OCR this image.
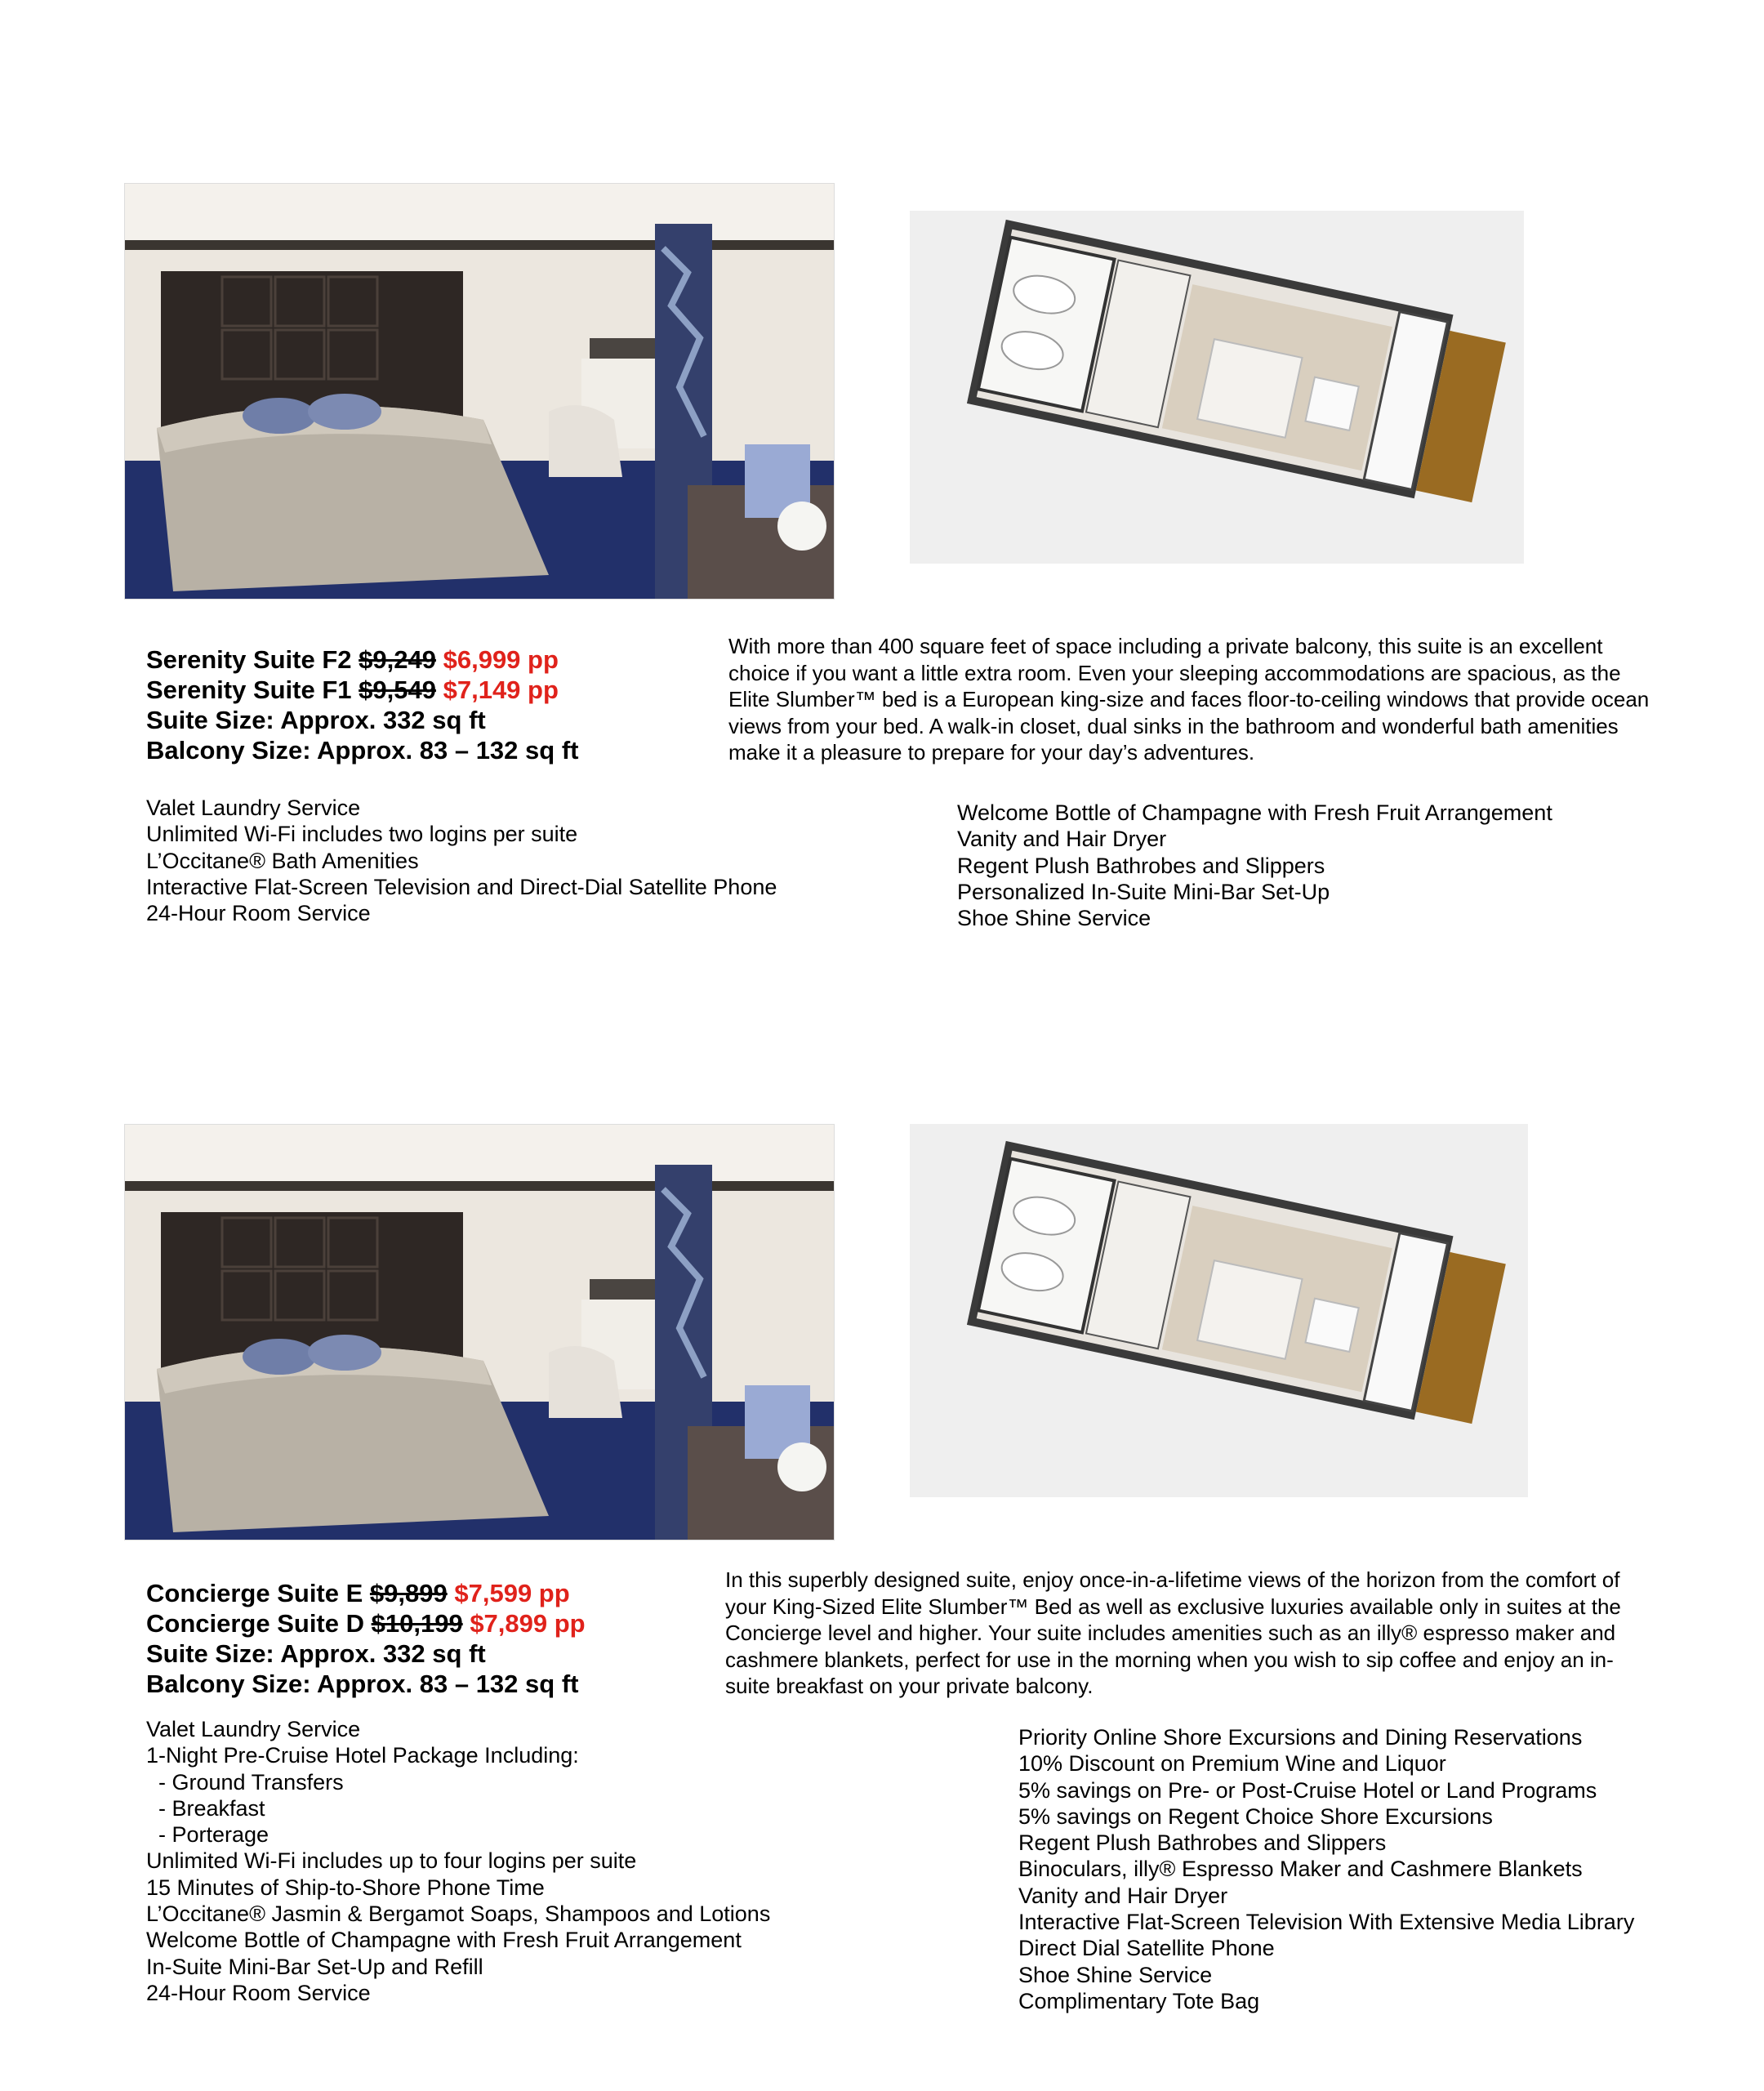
Serenity Suite F2 $9,249 $6,999 pp
Serenity Suite F1 $9,549 $7,149 pp
Suite Size: Approx. 332 sq ft
Balcony Size: Approx. 83 – 132 sq ft
With more than 400 square feet of space including a private balcony, this suite is an excellent choice if you want a little extra room. Even your sleeping accommodations are spacious, as the Elite Slumber™ bed is a European king-size and faces floor-to-ceiling windows that provide ocean views from your bed. A walk-in closet, dual sinks in the bathroom and wonderful bath amenities make it a pleasure to prepare for your day’s adventures.
Valet Laundry Service
Unlimited Wi-Fi includes two logins per suite
L’Occitane® Bath Amenities
Interactive Flat-Screen Television and Direct-Dial Satellite Phone
24-Hour Room Service
Welcome Bottle of Champagne with Fresh Fruit Arrangement
Vanity and Hair Dryer
Regent Plush Bathrobes and Slippers
Personalized In-Suite Mini-Bar Set-Up
Shoe Shine Service
Concierge Suite E $9,899 $7,599 pp
Concierge Suite D $10,199 $7,899 pp
Suite Size: Approx. 332 sq ft
Balcony Size: Approx. 83 – 132 sq ft
In this superbly designed suite, enjoy once-in-a-lifetime views of the horizon from the comfort of your King-Sized Elite Slumber™ Bed as well as exclusive luxuries available only in suites at the Concierge level and higher. Your suite includes amenities such as an illy® espresso maker and cashmere blankets, perfect for use in the morning when you wish to sip coffee and enjoy an in-suite breakfast on your private balcony.
Valet Laundry Service
1-Night Pre-Cruise Hotel Package Including:
- Ground Transfers
- Breakfast
- Porterage
Unlimited Wi-Fi includes up to four logins per suite
15 Minutes of Ship-to-Shore Phone Time
L’Occitane® Jasmin & Bergamot Soaps, Shampoos and Lotions
Welcome Bottle of Champagne with Fresh Fruit Arrangement
In-Suite Mini-Bar Set-Up and Refill
24-Hour Room Service
Priority Online Shore Excursions and Dining Reservations
10% Discount on Premium Wine and Liquor
5% savings on Pre- or Post-Cruise Hotel or Land Programs
5% savings on Regent Choice Shore Excursions
Regent Plush Bathrobes and Slippers
Binoculars, illy® Espresso Maker and Cashmere Blankets
Vanity and Hair Dryer
Interactive Flat-Screen Television With Extensive Media Library
Direct Dial Satellite Phone
Shoe Shine Service
Complimentary Tote Bag
